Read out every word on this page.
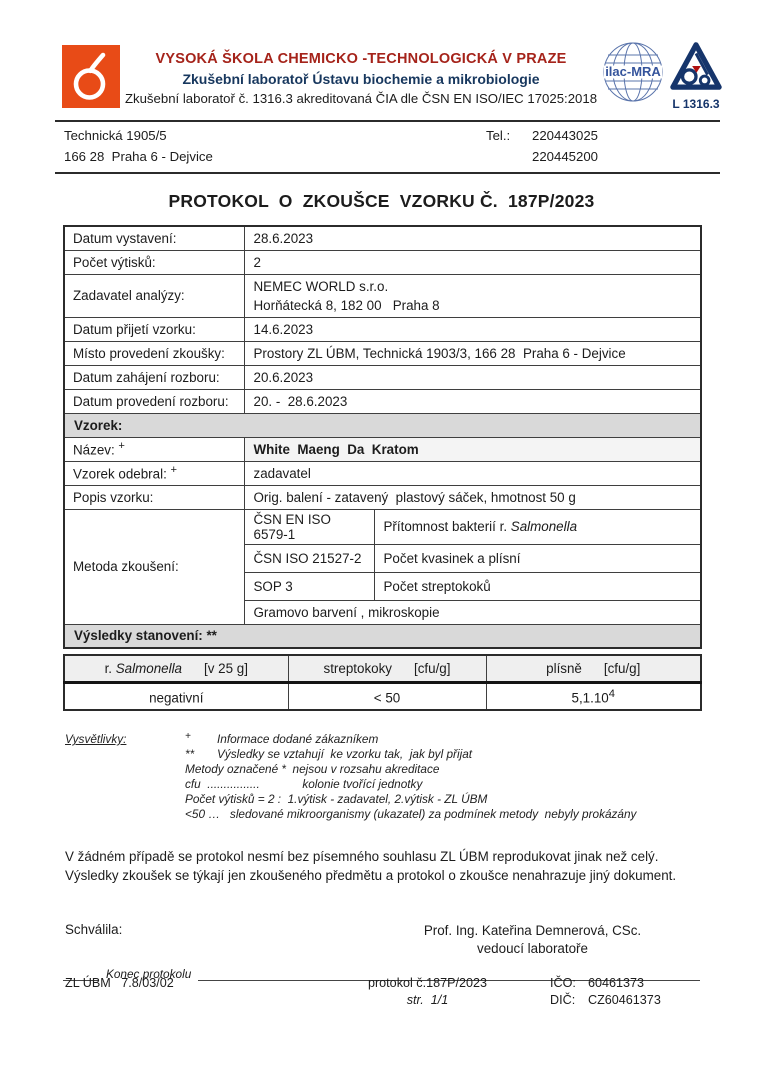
VYSOKÁ ŠKOLA CHEMICKO -TECHNOLOGICKÁ V PRAZE
Zkušební laboratoř Ústavu biochemie a mikrobiologie
Zkušební laboratoř č. 1316.3 akreditovaná ČIA dle ČSN EN ISO/IEC 17025:2018
ilac-MRA
L 1316.3
Technická 1905/5	Tel.:	220443025
166 28  Praha 6 - Dejvice	220445200
PROTOKOL  O  ZKOUŠCE  VZORKU Č.  187P/2023
Datum vystavení:	28.6.2023	
Počet výtisků:	2	
Zadavatel analýzy:	NEMEC WORLD s.r.o.
Horňátecká 8, 182 00   Praha 8	

Datum přijetí vzorku:	14.6.2023	
Místo provedení zkoušky:	Prostory ZL ÚBM, Technická 1903/3, 166 28  Praha 6 - Dejvice	
Datum zahájení rozboru:	20.6.2023	
Datum provedení rozboru:	20. -  28.6.2023	
Vzorek:		
Název: +	White  Maeng  Da  Kratom	
Vzorek odebral: +	zadavatel	
Popis vzorku:	Orig. balení - zatavený  plastový sáček, hmotnost 50 g	
Metoda zkoušení:	ČSN EN ISO 6579-1	Přítomnost bakterií r. Salmonella
	ČSN ISO 21527-2	Počet kvasinek a plísní
	SOP 3	Počet streptokoků
	Gramovo barvení , mikroskopie	
Výsledky stanovení: **		
r. Salmonella [v 25 g]	streptokoky [cfu/g]	plísně [cfu/g]
negativní	< 50	5,1.10$^4$
Vysvětlivky:	+	Informace dodané zákazníkem
**	Výsledky se vztahují  ke vzorku tak,  jak byl přijat
Metody označené *  nejsou v rozsahu akreditace
cfu  ................             kolonie tvořící jednotky
Počet výtisků = 2 :  1.výtisk - zadavatel, 2.výtisk - ZL ÚBM
<50 …   sledované mikroorganismy (ukazatel) za podmínek metody  nebyly prokázány

V žádném případě se protokol nesmí bez písemného souhlasu ZL ÚBM reprodukovat jinak než celý. Výsledky zkoušek se týkají jen zkoušeného předmětu a protokol o zkoušce nenahrazuje jiný dokument.

Schválila:	Prof. Ing. Kateřina Demnerová, CSc.
vedoucí laboratoře
Konec protokolu
ZL ÚBM   7.8/03/02	protokol č.187P/2023
str.  1/1
IČO: 60461373
DIČ:	CZ60461373
